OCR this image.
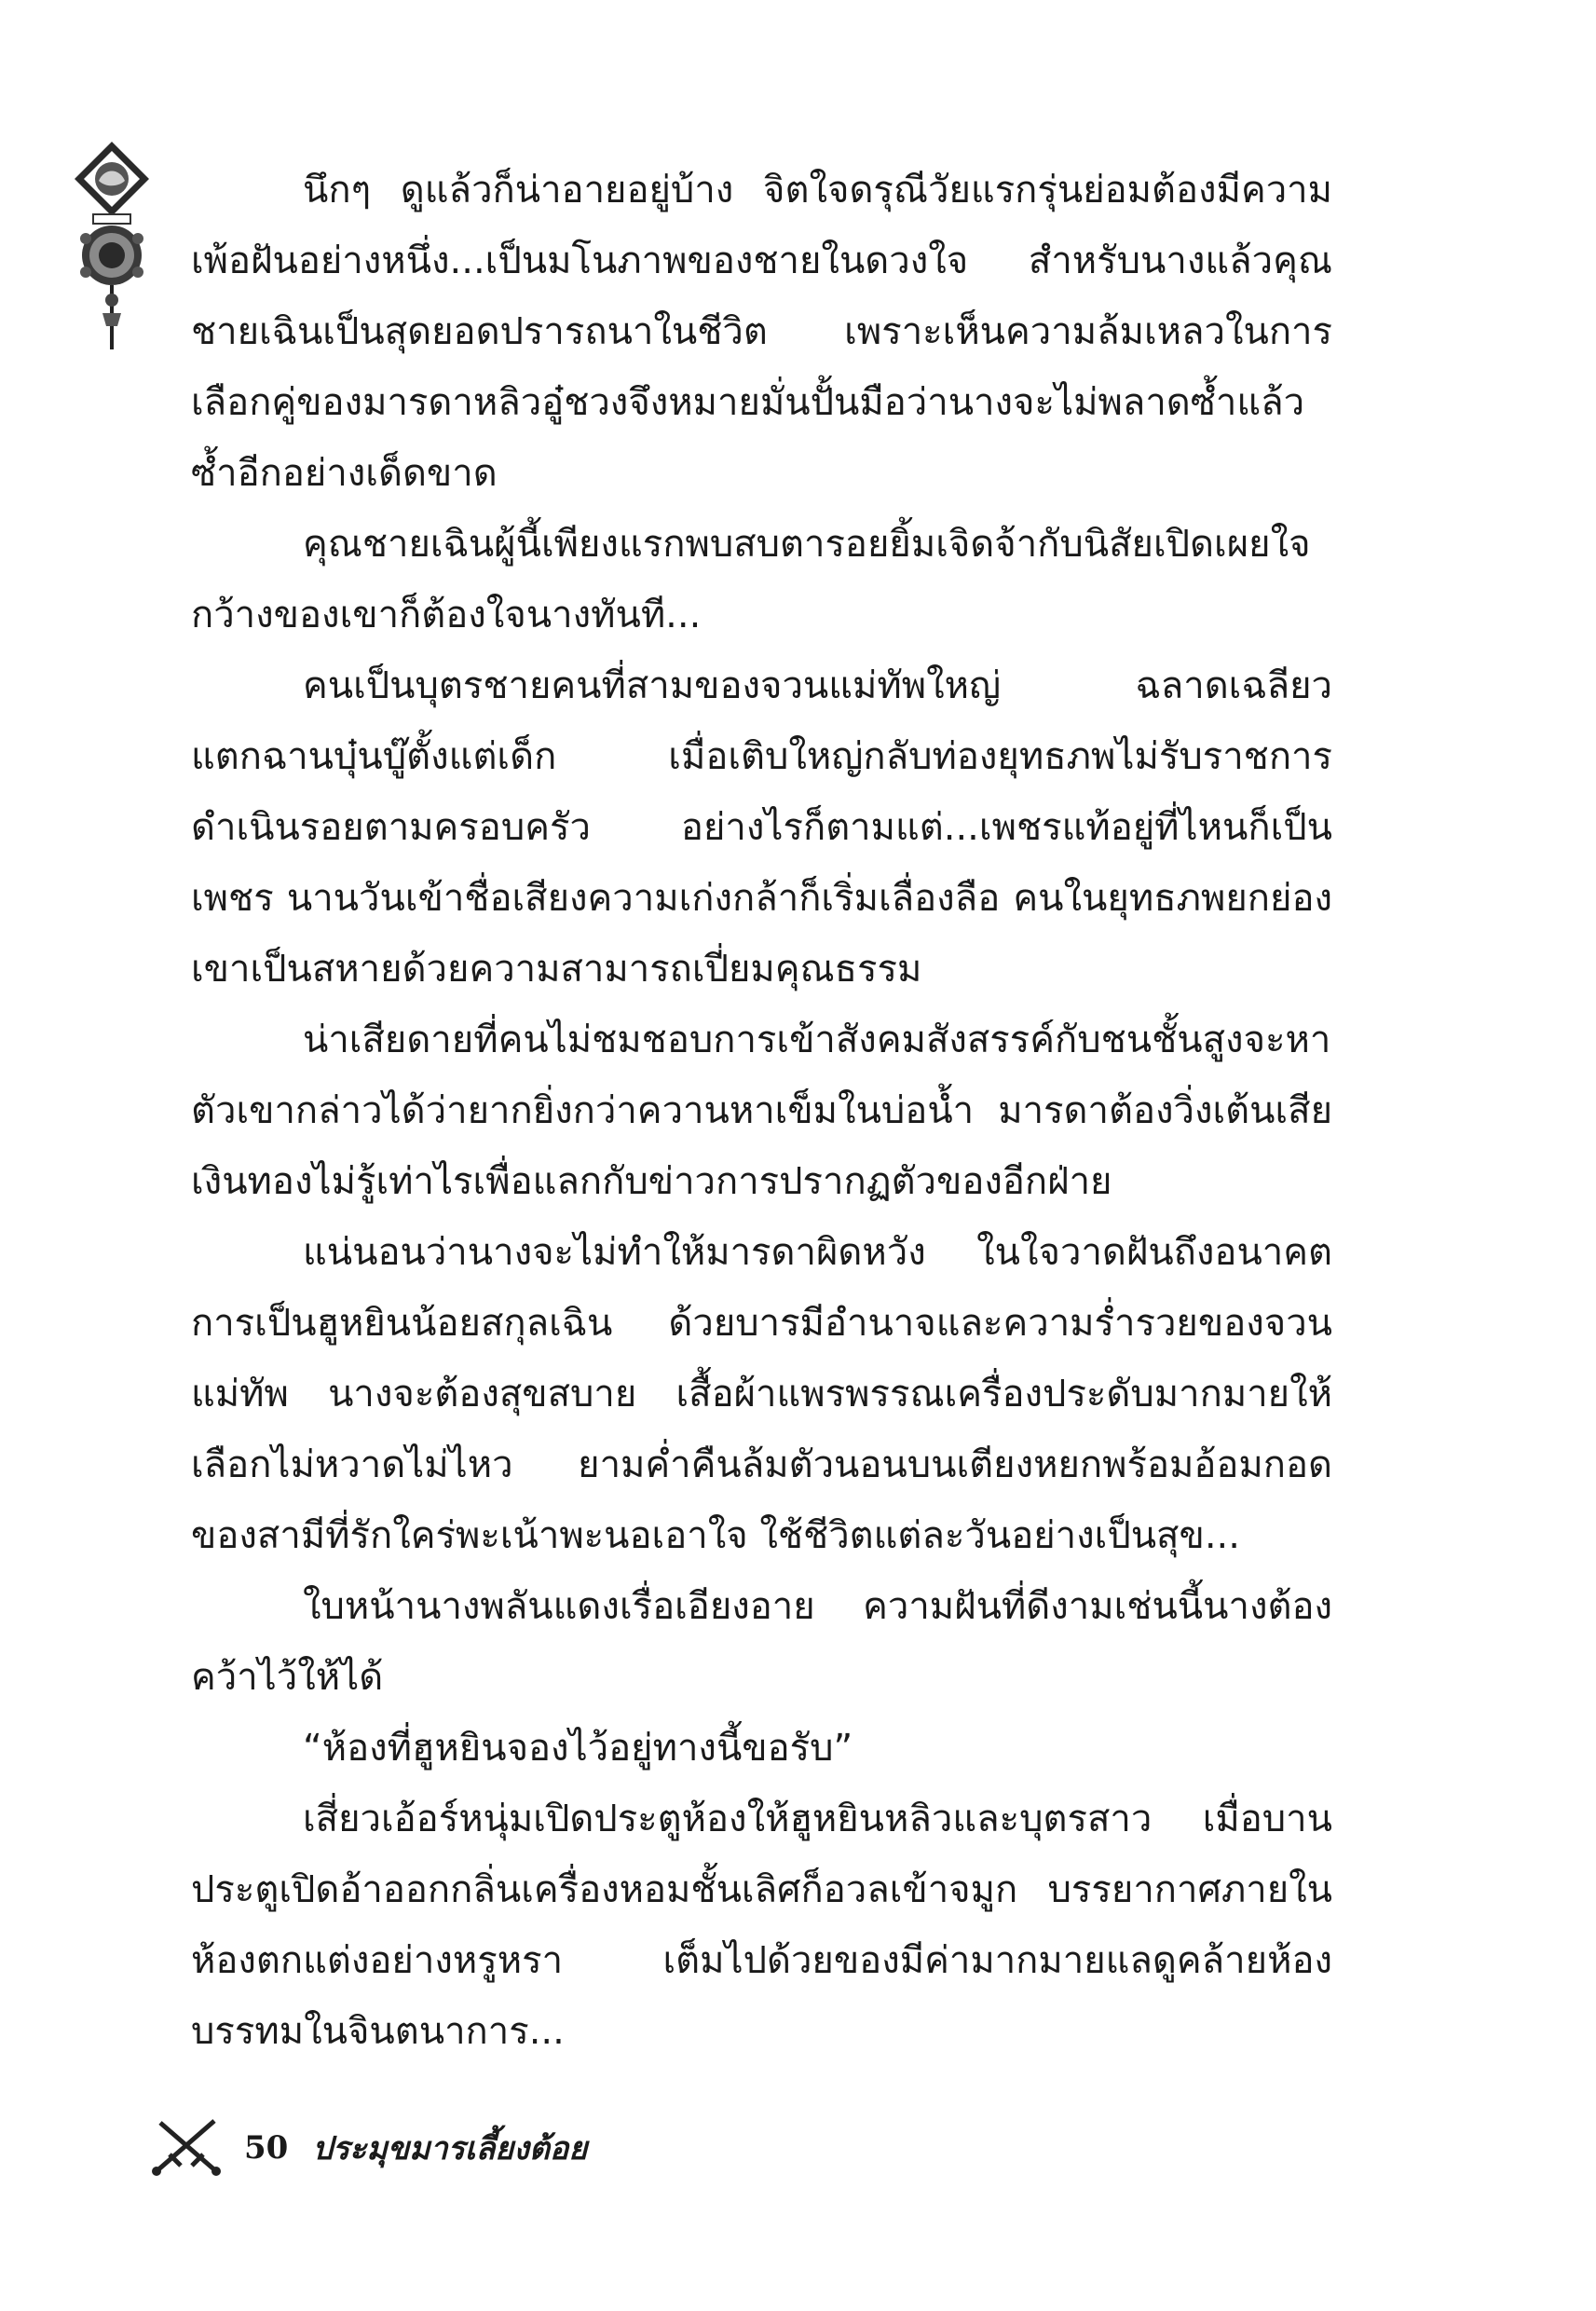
นึกๆ ดูแล้วก็น่าอายอยู่บ้าง จิตใจดรุณีวัยแรกรุ่นย่อมต้องมีความเพ้อฝันอย่างหนึ่ง...เป็นมโนภาพของชายในดวงใจ สำหรับนางแล้วคุณชายเฉินเป็นสุดยอดปรารถนาในชีวิต เพราะเห็นความล้มเหลวในการเลือกคู่ของมารดาหลิวอู๋ชวงจึงหมายมั่นปั้นมือว่านางจะไม่พลาดซ้ำแล้วซ้ำอีกอย่างเด็ดขาด

คุณชายเฉินผู้นี้เพียงแรกพบสบตารอยยิ้มเจิดจ้ากับนิสัยเปิดเผยใจกว้างของเขาก็ต้องใจนางทันที...

คนเป็นบุตรชายคนที่สามของจวนแม่ทัพใหญ่ ฉลาดเฉลียวแตกฉานบุ๋นบู๊ตั้งแต่เด็ก เมื่อเติบใหญ่กลับท่องยุทธภพไม่รับราชการดำเนินรอยตามครอบครัว อย่างไรก็ตามแต่...เพชรแท้อยู่ที่ไหนก็เป็นเพชร นานวันเข้าชื่อเสียงความเก่งกล้าก็เริ่มเลื่องลือ คนในยุทธภพยกย่องเขาเป็นสหายด้วยความสามารถเปี่ยมคุณธรรม

น่าเสียดายที่คนไม่ชมชอบการเข้าสังคมสังสรรค์กับชนชั้นสูงจะหาตัวเขากล่าวได้ว่ายากยิ่งกว่าควานหาเข็มในบ่อน้ำ มารดาต้องวิ่งเต้นเสียเงินทองไม่รู้เท่าไรเพื่อแลกกับข่าวการปรากฏตัวของอีกฝ่าย

แน่นอนว่านางจะไม่ทำให้มารดาผิดหวัง ในใจวาดฝันถึงอนาคตการเป็นฮูหยินน้อยสกุลเฉิน ด้วยบารมีอำนาจและความร่ำรวยของจวนแม่ทัพ นางจะต้องสุขสบาย เสื้อผ้าแพรพรรณเครื่องประดับมากมายให้เลือกไม่หวาดไม่ไหว ยามค่ำคืนล้มตัวนอนบนเตียงหยกพร้อมอ้อมกอดของสามีที่รักใคร่พะเน้าพะนอเอาใจ ใช้ชีวิตแต่ละวันอย่างเป็นสุข...

ใบหน้านางพลันแดงเรื่อเอียงอาย ความฝันที่ดีงามเช่นนี้นางต้องคว้าไว้ให้ได้

“ห้องที่ฮูหยินจองไว้อยู่ทางนี้ขอรับ”

เสี่ยวเอ้อร์หนุ่มเปิดประตูห้องให้ฮูหยินหลิวและบุตรสาว เมื่อบานประตูเปิดอ้าออกกลิ่นเครื่องหอมชั้นเลิศก็อวลเข้าจมูก บรรยากาศภายในห้องตกแต่งอย่างหรูหรา เต็มไปด้วยของมีค่ามากมายแลดูคล้ายห้องบรรทมในจินตนาการ...

50 ประมุขมารเลี้ยงต้อย
